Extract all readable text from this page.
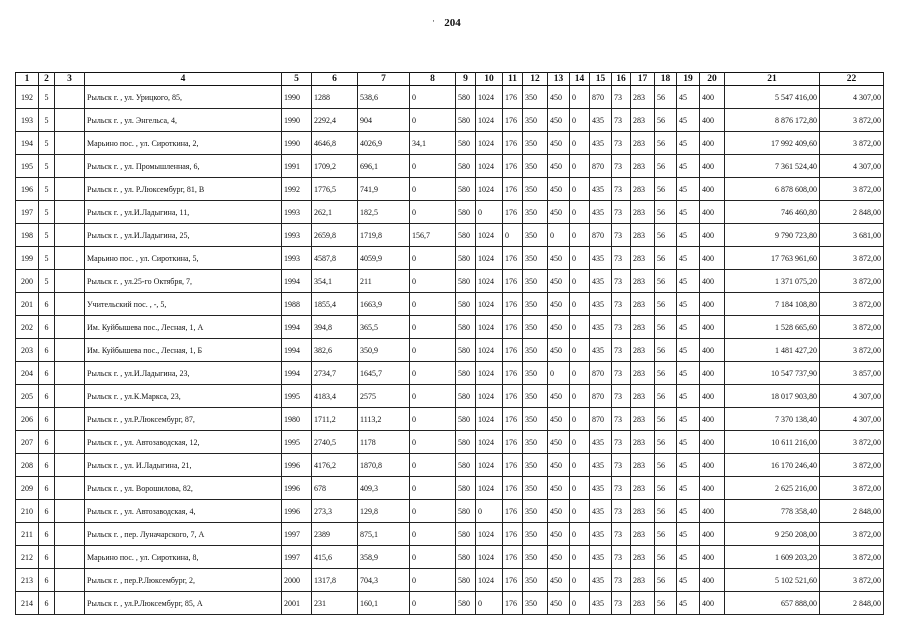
· 204
1	2	3	4	5	6	7	8	9	10	11	12	13	14	15	16	17	18	19	20	21	22
192	5		Рыльск г. , ул. Урицкого, 85,	1990	1288	538,6	0	580	1024	176	350	450	0	870	73	283	56	45	400	5 547 416,00	4 307,00
193	5		Рыльск г. , ул. Энгельса, 4,	1990	2292,4	904	0	580	1024	176	350	450	0	435	73	283	56	45	400	8 876 172,80	3 872,00
194	5		Марьино пос. , ул. Сироткина, 2,	1990	4646,8	4026,9	34,1	580	1024	176	350	450	0	435	73	283	56	45	400	17 992 409,60	3 872,00
195	5		Рыльск г. , ул. Промышленная, 6,	1991	1709,2	696,1	0	580	1024	176	350	450	0	870	73	283	56	45	400	7 361 524,40	4 307,00
196	5		Рыльск г. , ул. Р.Люксембург, 81, В	1992	1776,5	741,9	0	580	1024	176	350	450	0	435	73	283	56	45	400	6 878 608,00	3 872,00
197	5		Рыльск г. , ул.И.Ладыгина, 11,	1993	262,1	182,5	0	580	0	176	350	450	0	435	73	283	56	45	400	746 460,80	2 848,00
198	5		Рыльск г. , ул.И.Ладыгина, 25,	1993	2659,8	1719,8	156,7	580	1024	0	350	0	0	870	73	283	56	45	400	9 790 723,80	3 681,00
199	5		Марьино пос. , ул. Сироткина, 5,	1993	4587,8	4059,9	0	580	1024	176	350	450	0	435	73	283	56	45	400	17 763 961,60	3 872,00
200	5		Рыльск г. , ул.25-го Октября, 7,	1994	354,1	211	0	580	1024	176	350	450	0	435	73	283	56	45	400	1 371 075,20	3 872,00
201	6		Учительский пос. , -, 5,	1988	1855,4	1663,9	0	580	1024	176	350	450	0	435	73	283	56	45	400	7 184 108,80	3 872,00
202	6		Им. Куйбышева пос., Лесная, 1, А	1994	394,8	365,5	0	580	1024	176	350	450	0	435	73	283	56	45	400	1 528 665,60	3 872,00
203	6		Им. Куйбышева пос., Лесная, 1, Б	1994	382,6	350,9	0	580	1024	176	350	450	0	435	73	283	56	45	400	1 481 427,20	3 872,00
204	6		Рыльск г. , ул.И.Ладыгина, 23,	1994	2734,7	1645,7	0	580	1024	176	350	0	0	870	73	283	56	45	400	10 547 737,90	3 857,00
205	6		Рыльск г. , ул.К.Маркса, 23,	1995	4183,4	2575	0	580	1024	176	350	450	0	870	73	283	56	45	400	18 017 903,80	4 307,00
206	6		Рыльск г. , ул.Р.Люксембург, 87,	1980	1711,2	1113,2	0	580	1024	176	350	450	0	870	73	283	56	45	400	7 370 138,40	4 307,00
207	6		Рыльск г. , ул. Автозаводская, 12,	1995	2740,5	1178	0	580	1024	176	350	450	0	435	73	283	56	45	400	10 611 216,00	3 872,00
208	6		Рыльск г. , ул. И.Ладыгина, 21,	1996	4176,2	1870,8	0	580	1024	176	350	450	0	435	73	283	56	45	400	16 170 246,40	3 872,00
209	6		Рыльск г. , ул. Ворошилова, 82,	1996	678	409,3	0	580	1024	176	350	450	0	435	73	283	56	45	400	2 625 216,00	3 872,00
210	6		Рыльск г. , ул. Автозаводская, 4,	1996	273,3	129,8	0	580	0	176	350	450	0	435	73	283	56	45	400	778 358,40	2 848,00
211	6		Рыльск г. , пер. Луначарского, 7, А	1997	2389	875,1	0	580	1024	176	350	450	0	435	73	283	56	45	400	9 250 208,00	3 872,00
212	6		Марьино пос. , ул. Сироткина, 8,	1997	415,6	358,9	0	580	1024	176	350	450	0	435	73	283	56	45	400	1 609 203,20	3 872,00
213	6		Рыльск г. , пер.Р.Люксембург, 2,	2000	1317,8	704,3	0	580	1024	176	350	450	0	435	73	283	56	45	400	5 102 521,60	3 872,00
214	6		Рыльск г. , ул.Р.Люксембург, 85, А	2001	231	160,1	0	580	0	176	350	450	0	435	73	283	56	45	400	657 888,00	2 848,00
